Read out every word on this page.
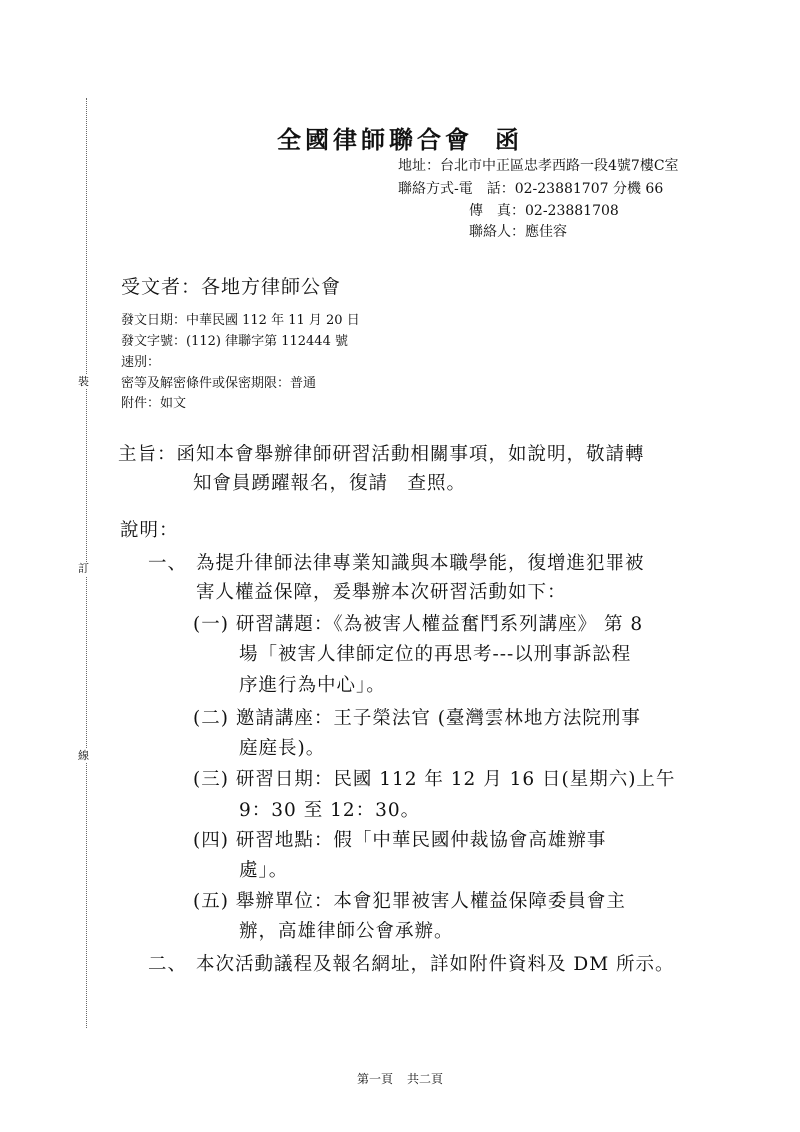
裝
訂
線
全國律師聯合會 函
地址：台北市中正區忠孝西路一段4號7樓C室
聯絡方式-電　話：02-23881707 分機 66
傳　真：02-23881708
聯絡人：應佳容
受文者：各地方律師公會
發文日期：中華民國 112 年 11 月 20 日
發文字號：(112) 律聯字第 112444 號
速別：
密等及解密條件或保密期限：普通
附件：如文
主旨：函知本會舉辦律師研習活動相關事項，如說明，敬請轉
知會員踴躍報名，復請　查照。
說明：
一、 為提升律師法律專業知識與本職學能，復增進犯罪被
害人權益保障，爰舉辦本次研習活動如下：
(一) 研習講題：《為被害人權益奮鬥系列講座》 第 8
場「被害人律師定位的再思考---以刑事訴訟程
序進行為中心」。
(二) 邀請講座：王子榮法官 (臺灣雲林地方法院刑事
庭庭長)。
(三) 研習日期：民國 112 年 12 月 16 日(星期六)上午
9：30 至 12：30。
(四) 研習地點：假「中華民國仲裁協會高雄辦事
處」。
(五) 舉辦單位：本會犯罪被害人權益保障委員會主
辦，高雄律師公會承辦。
二、 本次活動議程及報名網址，詳如附件資料及 DM 所示。
第一頁 共二頁
